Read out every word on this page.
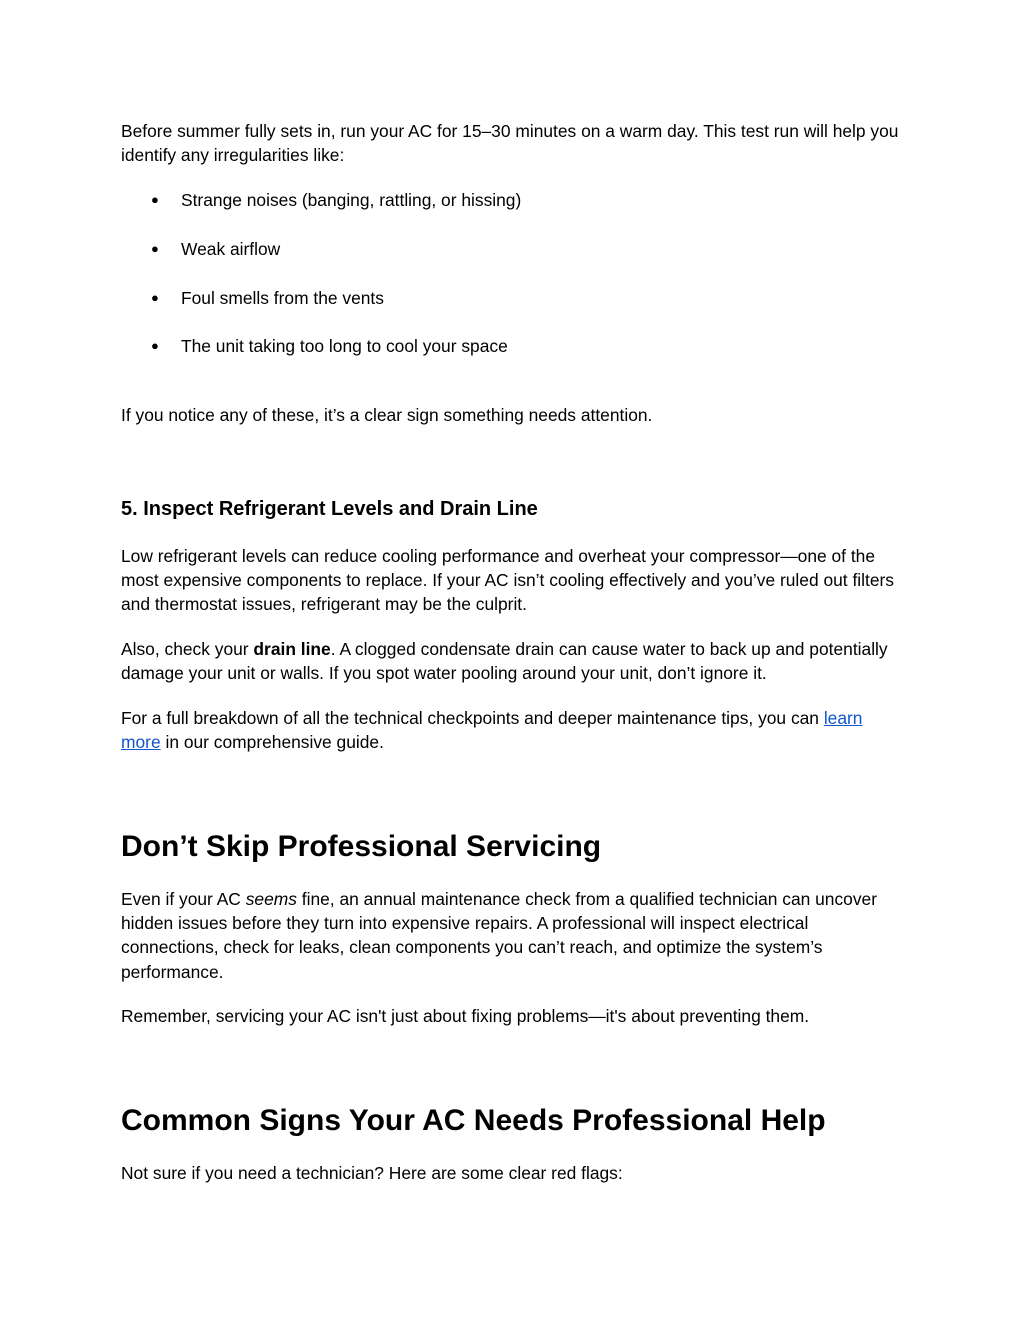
Before summer fully sets in, run your AC for 15–30 minutes on a warm day. This test run will help you identify any irregularities like:

●	Strange noises (banging, rattling, or hissing)
●	Weak airflow
●	Foul smells from the vents
●	The unit taking too long to cool your space

If you notice any of these, it’s a clear sign something needs attention.

5. Inspect Refrigerant Levels and Drain Line

Low refrigerant levels can reduce cooling performance and overheat your compressor—one of the most expensive components to replace. If your AC isn’t cooling effectively and you’ve ruled out filters and thermostat issues, refrigerant may be the culprit.

Also, check your drain line. A clogged condensate drain can cause water to back up and potentially damage your unit or walls. If you spot water pooling around your unit, don’t ignore it.

For a full breakdown of all the technical checkpoints and deeper maintenance tips, you can learn more in our comprehensive guide.

Don’t Skip Professional Servicing

Even if your AC seems fine, an annual maintenance check from a qualified technician can uncover hidden issues before they turn into expensive repairs. A professional will inspect electrical connections, check for leaks, clean components you can’t reach, and optimize the system’s performance.

Remember, servicing your AC isn't just about fixing problems—it's about preventing them.

Common Signs Your AC Needs Professional Help

Not sure if you need a technician? Here are some clear red flags:
